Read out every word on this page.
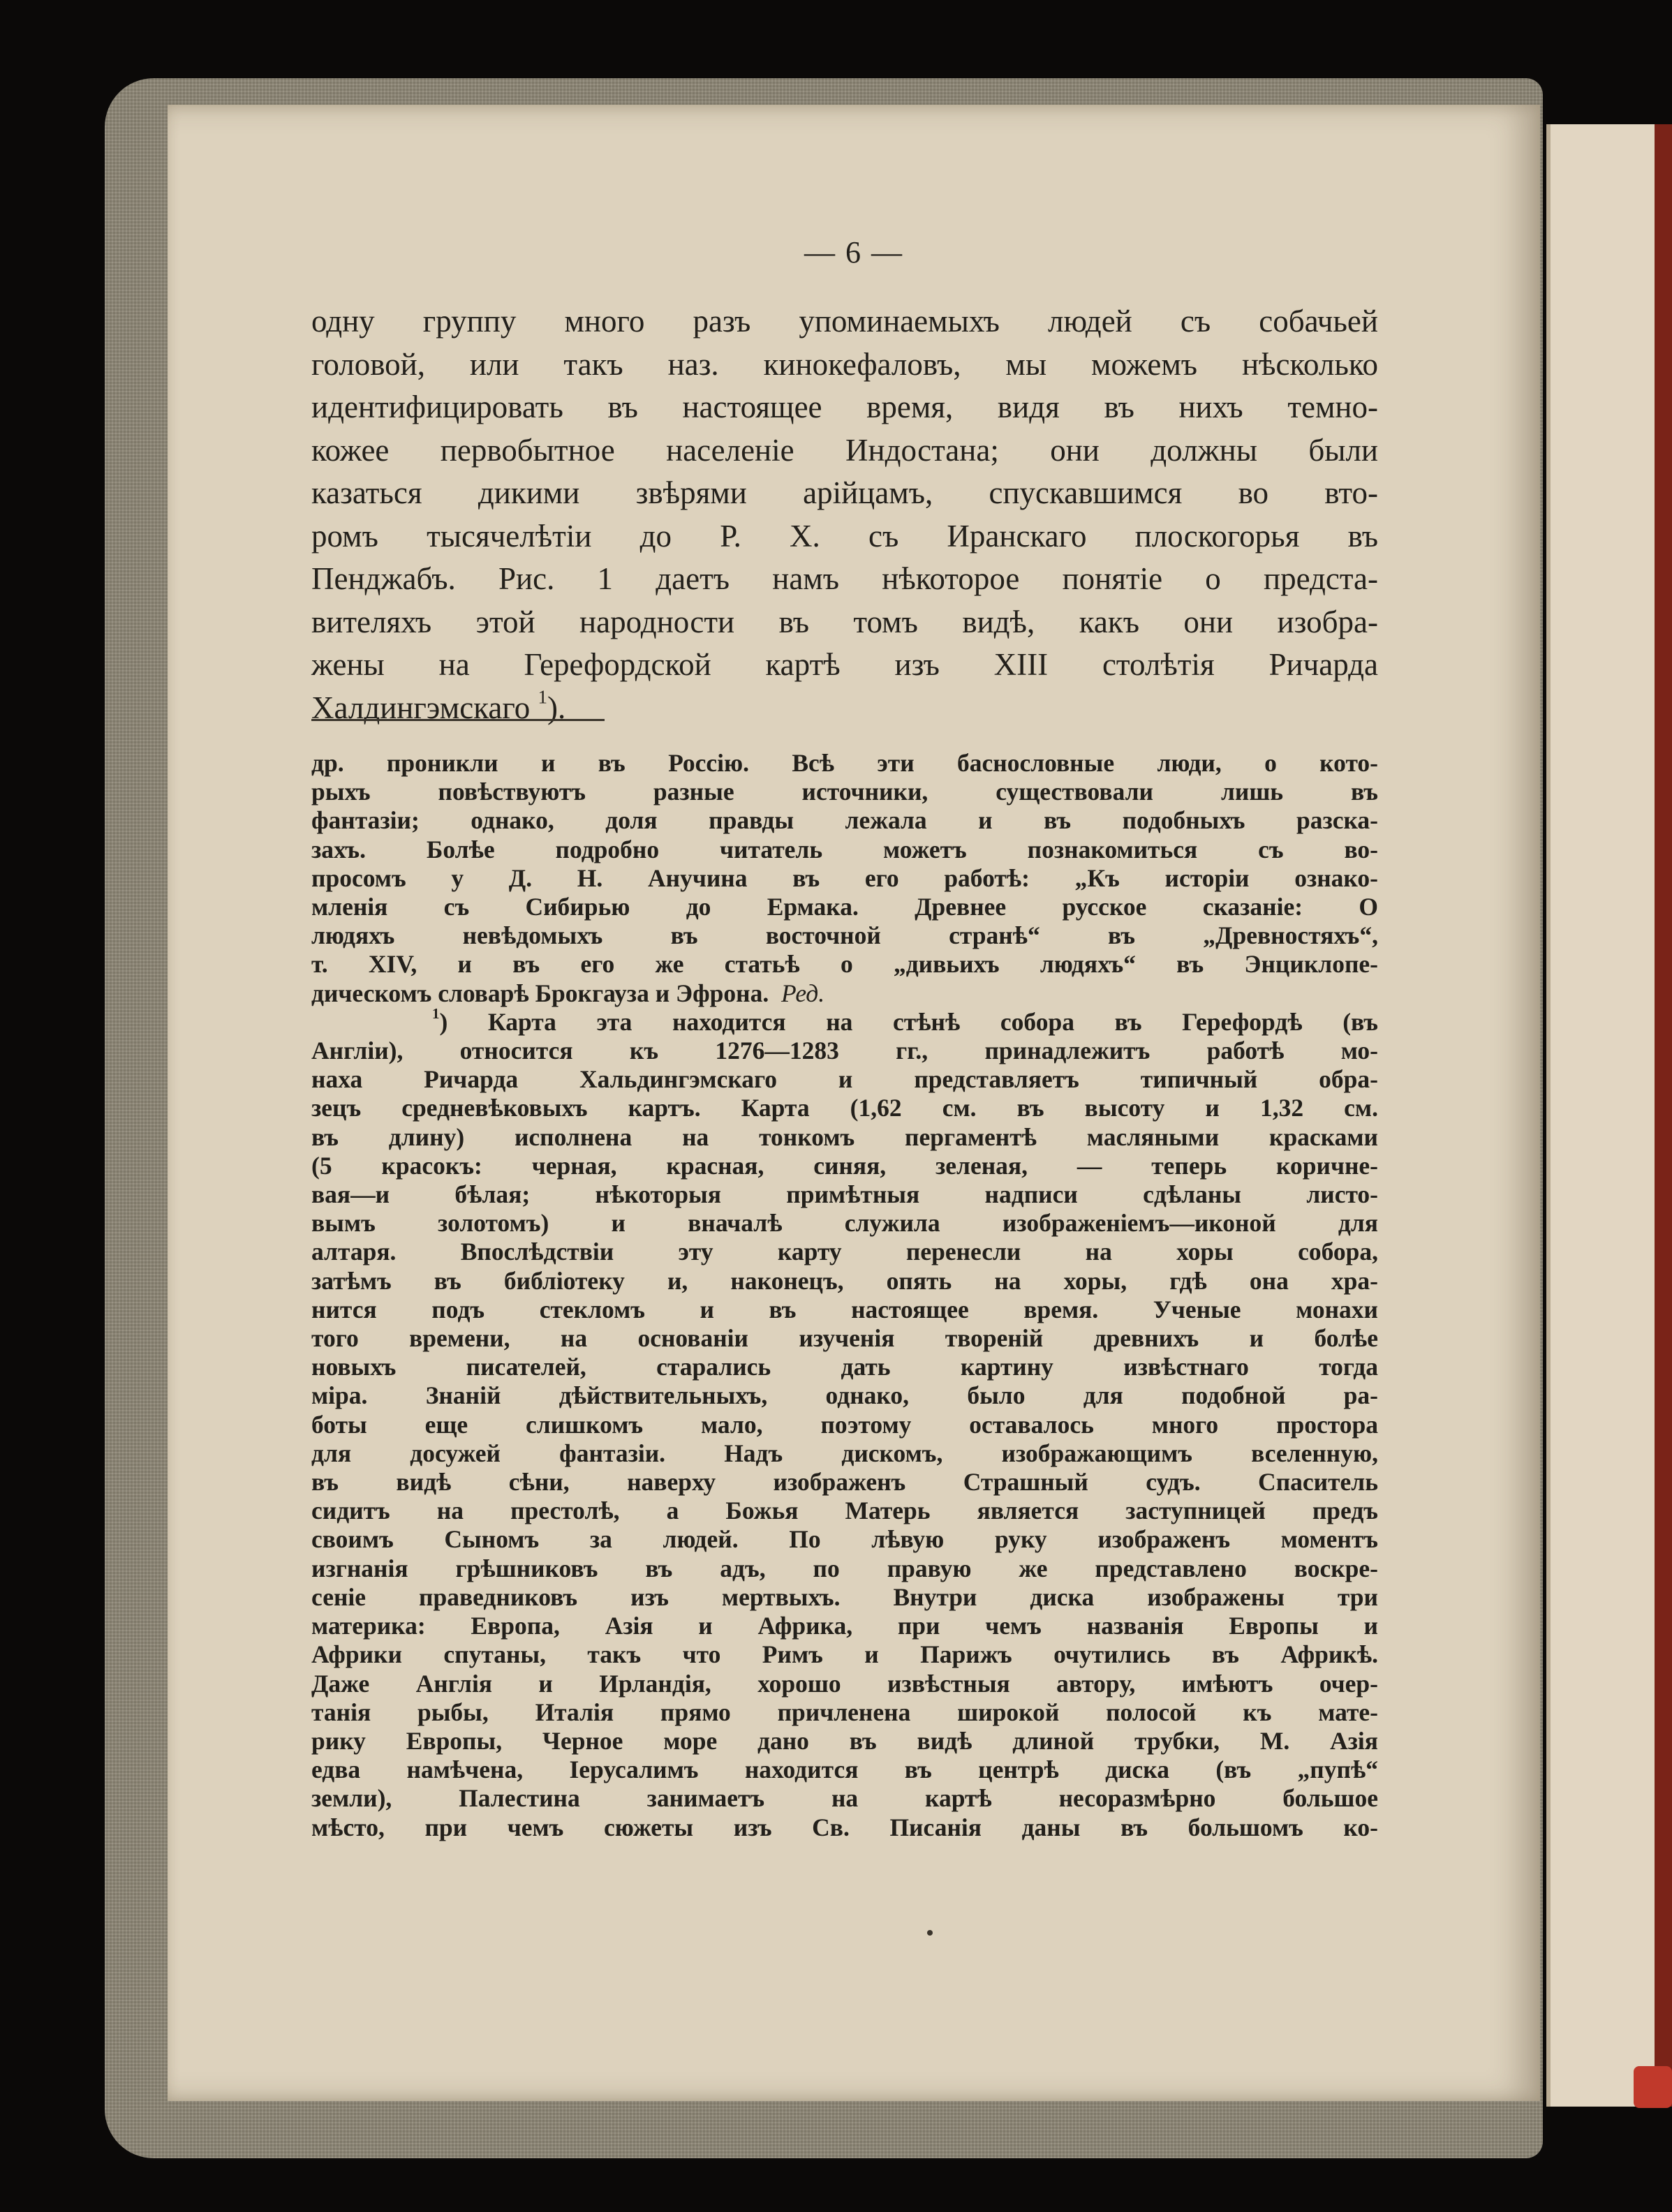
— 6 —
одну группу много разъ упоминаемыхъ людей съ собачьей
головой, или такъ наз. кинокефаловъ, мы можемъ нѣсколько
идентифицировать въ настоящее время, видя въ нихъ темно-
кожее первобытное населеніе Индостана; они должны были
казаться дикими звѣрями арійцамъ, спускавшимся во вто-
ромъ тысячелѣтіи до Р. Х. съ Иранскаго плоскогорья въ
Пенджабъ. Рис. 1 даетъ намъ нѣкоторое понятіе о предста-
вителяхъ этой народности въ томъ видѣ, какъ они изобра-
жены на Герефордской картѣ изъ XIII столѣтія Ричарда
Халдингэмскаго $^1$).
др. проникли и въ Россію. Всѣ эти баснословные люди, о кото-
рыхъ повѣствуютъ разные источники, существовали лишь въ
фантазіи; однако, доля правды лежала и въ подобныхъ разска-
захъ. Болѣе подробно читатель можетъ познакомиться съ во-
просомъ у Д. Н. Анучина въ его работѣ: „Къ исторіи ознако-
мленія съ Сибирью до Ермака. Древнее русское сказаніе: О
людяхъ невѣдомыхъ въ восточной странѣ“ въ „Древностяхъ“,
т. XIV, и въ его же статьѣ о „дивьихъ людяхъ“ въ Энциклопе-
дическомъ словарѣ Брокгауза и Эфрона. Ред.
$^1$) Карта эта находится на стѣнѣ собора въ Герефордѣ (въ
Англіи), относится къ 1276—1283 гг., принадлежитъ работѣ мо-
наха Ричарда Хальдингэмскаго и представляетъ типичный обра-
зецъ средневѣковыхъ картъ. Карта (1,62 см. въ высоту и 1,32 см.
въ длину) исполнена на тонкомъ пергаментѣ масляными красками
(5 красокъ: черная, красная, синяя, зеленая, — теперь коричне-
вая—и бѣлая; нѣкоторыя примѣтныя надписи сдѣланы листо-
вымъ золотомъ) и вначалѣ служила изображеніемъ—иконой для
алтаря. Впослѣдствіи эту карту перенесли на хоры собора,
затѣмъ въ библіотеку и, наконецъ, опять на хоры, гдѣ она хра-
нится подъ стекломъ и въ настоящее время. Ученые монахи
того времени, на основаніи изученія твореній древнихъ и болѣе
новыхъ писателей, старались дать картину извѣстнаго тогда
міра. Знаній дѣйствительныхъ, однако, было для подобной ра-
боты еще слишкомъ мало, поэтому оставалось много простора
для досужей фантазіи. Надъ дискомъ, изображающимъ вселенную,
въ видѣ сѣни, наверху изображенъ Страшный судъ. Спаситель
сидитъ на престолѣ, а Божья Матерь является заступницей предъ
своимъ Сыномъ за людей. По лѣвую руку изображенъ моментъ
изгнанія грѣшниковъ въ адъ, по правую же представлено воскре-
сеніе праведниковъ изъ мертвыхъ. Внутри диска изображены три
материка: Европа, Азія и Африка, при чемъ названія Европы и
Африки спутаны, такъ что Римъ и Парижъ очутились въ Африкѣ.
Даже Англія и Ирландія, хорошо извѣстныя автору, имѣютъ очер-
танія рыбы, Италія прямо причленена широкой полосой къ мате-
рику Европы, Черное море дано въ видѣ длиной трубки, М. Азія
едва намѣчена, Іерусалимъ находится въ центрѣ диска (въ „пупѣ“
земли), Палестина занимаетъ на картѣ несоразмѣрно большое
мѣсто, при чемъ сюжеты изъ Св. Писанія даны въ большомъ ко-
